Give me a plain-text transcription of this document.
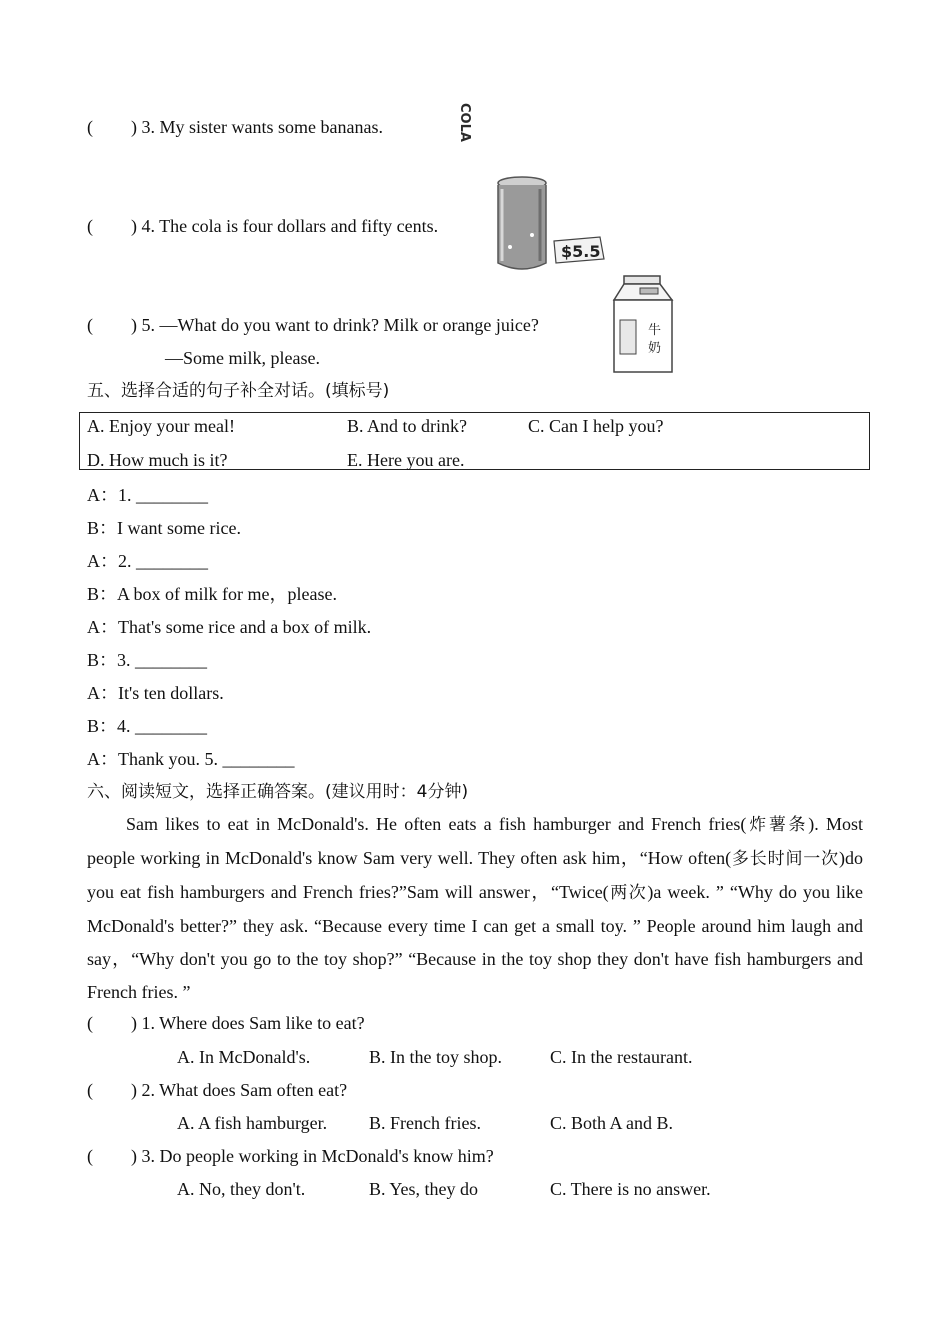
( ) 3. My sister wants some bananas.
( ) 4. The cola is four dollars and fifty cents.
COLA
$5.5
( ) 5. —What do you want to drink? Milk or orange juice?
—Some milk, please.
牛
奶
五、选择合适的句子补全对话。(填标号)
A. Enjoy your meal!	B. And to drink?	C. Can I help you?
D. How much is it?	E. Here you are.
A：1. ________
B：I want some rice.
A：2. ________
B：A box of milk for me，please.
A：That's some rice and a box of milk.
B：3. ________
A：It's ten dollars.
B：4. ________
A：Thank you. 5. ________
六、阅读短文，选择正确答案。(建议用时：4分钟)
Sam likes to eat in McDonald's. He often eats a fish hamburger and French fries(炸薯条). Most people working in McDonald's know Sam very well. They often ask him，“How often(多长时间一次)do you eat fish hamburgers and French fries?”Sam will answer，“Twice(两次)a week. ” “Why do you like McDonald's better?” they ask. “Because every time I can get a small toy. ” People around him laugh and say，“Why don't you go to the toy shop?” “Because in the toy shop they don't have fish hamburgers and French fries. ”
( ) 1. Where does Sam like to eat?
A. In McDonald's.	B. In the toy shop.	C. In the restaurant.
( ) 2. What does Sam often eat?
A. A fish hamburger. B. French fries.	C. Both A and B.
( ) 3. Do people working in McDonald's know him?
A. No, they don't.	B. Yes, they do	C. There is no answer.
